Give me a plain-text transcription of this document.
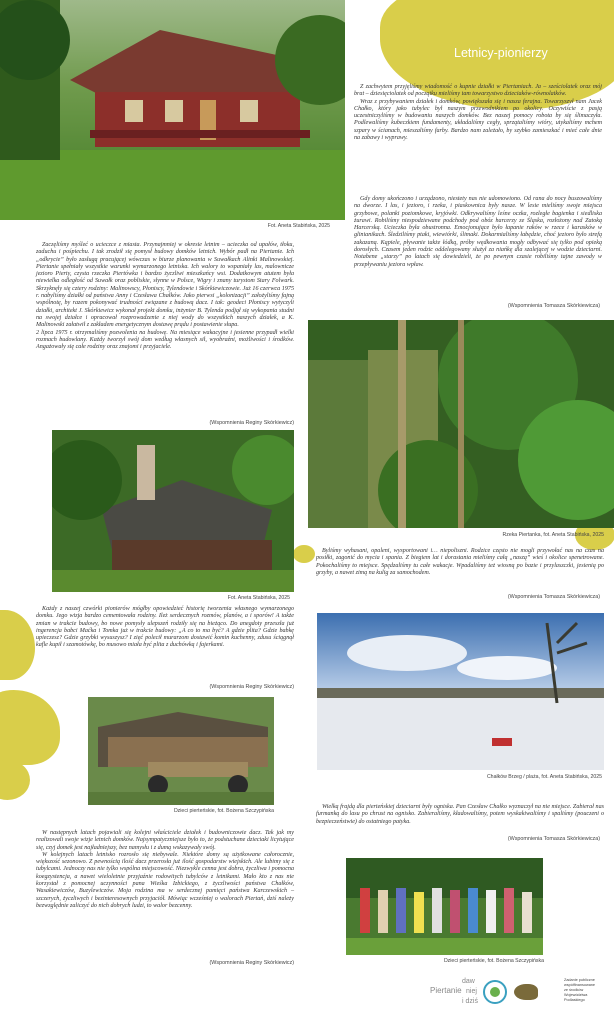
Letnicy-pionierzy
Fot. Aneta Stabińska, 2025

Z zachwytem przyjęliśmy wiadomość o kupnie działki w Piertaniach. Ja – sześciolatek oraz mój brat – dziesięciolatek od początku mieliśmy tam towarzystwo dzieciaków-równolatków.

Wraz z przybywaniem działek i domków, powiększała się i nasza ferajna. Towarzyszył nam Jacek Chałko, który jako tubylec był naszym przewodnikiem po okolicy. Oczywiście z pasją uczestniczyliśmy w budowaniu naszych domków. Bez naszej pomocy robota by się ślimaczyła. Podlewaliśmy kubeczkiem fundamenty, układaliśmy cegły, sprzątaliśmy wióry, utykaliśmy mchem szpary w ścianach, mieszaliśmy farby. Bardzo nam zależało, by szybko zamieszkać i mieć całe dnie na zabawy i wyprawy.

Gdy domy ukończono i urządzono, niestety nas nie udomowiono. Od rana do nocy buszowaliśmy na dworze. I las, i jezioro, i rzeka, i piaskownica były nasze. W lesie mieliśmy swoje miejsca grzybowe, polanki poziomkowe, kryjówki. Odkrywaliśmy leśne oczka, rozległe bagienka i siedliska żurawi. Robiliśmy niespodziewane podchody pod obóz harcerzy ze Śląska, rozłożony nad Zatoką Harcerską. Ucieczka była obustronna. Emocjonujące było łapanie raków w rzece i karasków w glinianikach. Śledziliśmy ptaki, wiewiórki, ślimaki. Dokarmialiśmy łabędzie, choć jezioro było strefą zakazaną. Kąpiele, pływanie także łódką, próby wędkowania mogły odbywać się tylko pod opieką dorosłych. Czasem jeden rodzic oddelegowany służył za niańkę dla szalejącej w wodzie dzieciarni. Notabene „starzy” po latach się dowiedzieli, że po pewnym czasie robiliśmy tajne zawody w przepływaniu jeziora wpław.

(Wspomnienia Tomasza Skórkiewicza)

Zaczęliśmy myśleć o ucieczce z miasta. Przynajmniej w okresie letnim – ucieczka od upałów, tłoku, zaduchu i pośpiechu. I tak zrodził się pomysł budowy domków letnich. Wybór padł na Piertanie. Ich „odkrycie” było zasługą pracującej wówczas w biurze planowania w Suwałkach Alinki Malinowskiej. Piertanie spełniały wszystkie warunki wymarzonego letniska. Ich walory to wspaniały las, malownicze jezioro Pierty, czysta rzeczka Piertówka i bardzo życzliwi mieszkańcy wsi. Dodatkowym atutem była niewielka odległość od Suwałk oraz pobliskie, słynne w Polsce, Wigry i znany turystom Stary Folwark. Skrzyknęły się cztery rodziny: Malinowscy, Płoniscy, Tylendowie i Skórkiewiczowie. Już 16 czerwca 1975 r. nabyliśmy działki od państwa Anny i Czesława Chałków. Jako pierwsi „kolonizacji” założyliśmy fajną wspólnotę, by razem pokonywać trudności związane z budową dacz. I tak: geodeci Płoniscy wytyczyli działki, architekt J. Skórkiewicz wykonał projekt domku, inżynier B. Tylenda podjął się wykopania studni na swojej działce i opracował rozprowadzenie z niej wody do wszystkich naszych działek, a K. Malinowski załatwił z zakładem energetycznym dostawę prądu i postawienie słupa.

2 lipca 1975 r. otrzymaliśmy pozwolenia na budowę. Na miesiące wakacyjne i jesienne przypadł wielki rozmach budowlany. Każdy tworzył swój dom według własnych sił, wyobraźni, możliwości i środków. Angażowały się całe rodziny oraz znajomi i przyjaciele.

(Wspomnienia Reginy Skórkiewicz)
Rzeka Piertanka, fot. Aneta Stabińska, 2025
Fot. Aneta Stabińska, 2025

Byliśmy wyhasani, opaleni, wysportowani i… niepoliszni. Rodzice często nie mogli przywołać nas na czas na posiłki, zagonić do mycia i spania. Z biegiem lat i dorastania mieliśmy całą „naszą” wieś i okolice spenetrowane. Pokochaliśmy to miejsce. Spędzaliśmy tu całe wakacje. Wpadaliśmy też wiosną po bazie i przylaszczki, jesienią po grzyby, a nawet zimą na kulig za samochodem.

(Wspomnienia Tomasza Skórkiewicza)

Każdy z naszej czwórki pionierów mógłby opowiedzieć historię tworzenia własnego wymarzonego domku. Jego wizja bardzo cementowała rodziny. Ileż serdecznych rozmów, planów, a i sporów! A także zmian w trakcie budowy, bo nowe pomysły ulepszeń rodziły się na bieżąco. Do anegdoty przeszła już ingerencja babci Maćka i Tomka już w trakcie budowy: „A co to ma być? A gdzie plita? Gdzie babkę upieczesz? Gdzie grzybki wysuszysz? I zięć polecił murarzom dostawić komin kuchenny, zdusu ściągnął kafle kupił i szamotówkę, bo musowo miała być plita z duchówką i fajerkami.

(Wspomnienia Reginy Skórkiewicz)
Chałków Brzeg / plaża, fot. Aneta Stabińska, 2025
Dzieci pierteńskie, fot. Bożena Szczypińska

Wielką frajdą dla pierteńskiej dzieciarni były ogniska. Pan Czesław Chałko wyznaczył na nie miejsce. Zabierał nas furmanką do lasu po chrust na ognisko. Zabieraliśmy, kładowaliśmy, potem wyskakiwaliśmy i spaliśmy (pouczeni o bezpieczeństwie) do ostatniego patyka.

(Wspomnienia Tomasza Skórkiewicza)
Dzieci pierteńskie, fot. Bożena Szczypińska

W następnych latach pojawiali się kolejni właściciele działek i budowniczowie dacz. Tak jak my realizowali swoje wizje letnich domków. Najsympatyczniejsze było to, że podstuchane dzieciaki licytujące się, czyj domek jest najładniejszy, bez namysłu i z dumą wskazywały swój.

W kolejnych latach letnisko rozrosło się niebywale. Niektóre domy są użytkowane całorocznie, większość sezonowo. Z pewnością ilość dacz przerosła już ilość gospodarstw wiejskich. Ale lubimy się z tubylcami. Jednoczy nas nie tylko wspólna miejscowość. Niezwykle cenna jest dobra, życzliwa i pomocna koegzystencja, a nawet wieloletnie przyjaźnie rodowitych tubylców z letnikami. Mało kto z nas nie korzystał z pomocnej uczynności pana Wieśka Izbickiego, z życzliwości państwa Chałków, Wasakiewiczów, Buzylewiczów. Moja rodzina ma w serdecznej pamięci państwa Karczewskich – szczerych, życzliwych i bezinteresownych przyjaciół. Mówiąc wcześniej o walorach Piertań, dziś należy bezwzględnie zaliczyć do nich dobrych ludzi, to walor bezcenny.

(Wspomnienia Reginy Skórkiewicz)
Piertanie
daw
niej
i dziś
Zadanie publiczne
współfinansowane
ze środków
Województwa
Podlaskiego
